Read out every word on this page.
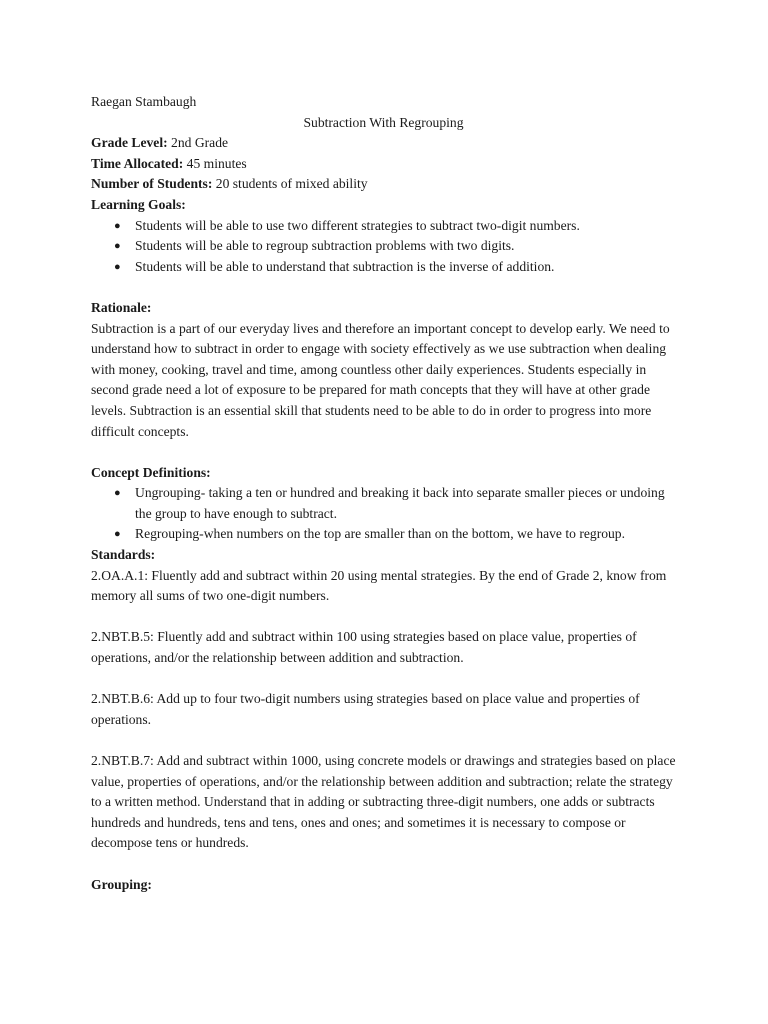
Raegan Stambaugh

Subtraction With Regrouping

Grade Level: 2nd Grade

Time Allocated: 45 minutes

Number of Students: 20 students of mixed ability

Learning Goals:

● Students will be able to use two different strategies to subtract two-digit numbers.
● Students will be able to regroup subtraction problems with two digits.
● Students will be able to understand that subtraction is the inverse of addition.

Rationale:

Subtraction is a part of our everyday lives and therefore an important concept to develop early. We need to understand how to subtract in order to engage with society effectively as we use subtraction when dealing with money, cooking, travel and time, among countless other daily experiences. Students especially in second grade need a lot of exposure to be prepared for math concepts that they will have at other grade levels. Subtraction is an essential skill that students need to be able to do in order to progress into more difficult concepts.

Concept Definitions:

● Ungrouping- taking a ten or hundred and breaking it back into separate smaller pieces or undoing the group to have enough to subtract.
● Regrouping-when numbers on the top are smaller than on the bottom, we have to regroup.

Standards:

2.OA.A.1: Fluently add and subtract within 20 using mental strategies. By the end of Grade 2, know from memory all sums of two one-digit numbers.

2.NBT.B.5: Fluently add and subtract within 100 using strategies based on place value, properties of operations, and/or the relationship between addition and subtraction.

2.NBT.B.6: Add up to four two-digit numbers using strategies based on place value and properties of operations.

2.NBT.B.7: Add and subtract within 1000, using concrete models or drawings and strategies based on place value, properties of operations, and/or the relationship between addition and subtraction; relate the strategy to a written method. Understand that in adding or subtracting three-digit numbers, one adds or subtracts hundreds and hundreds, tens and tens, ones and ones; and sometimes it is necessary to compose or decompose tens or hundreds.

Grouping:
